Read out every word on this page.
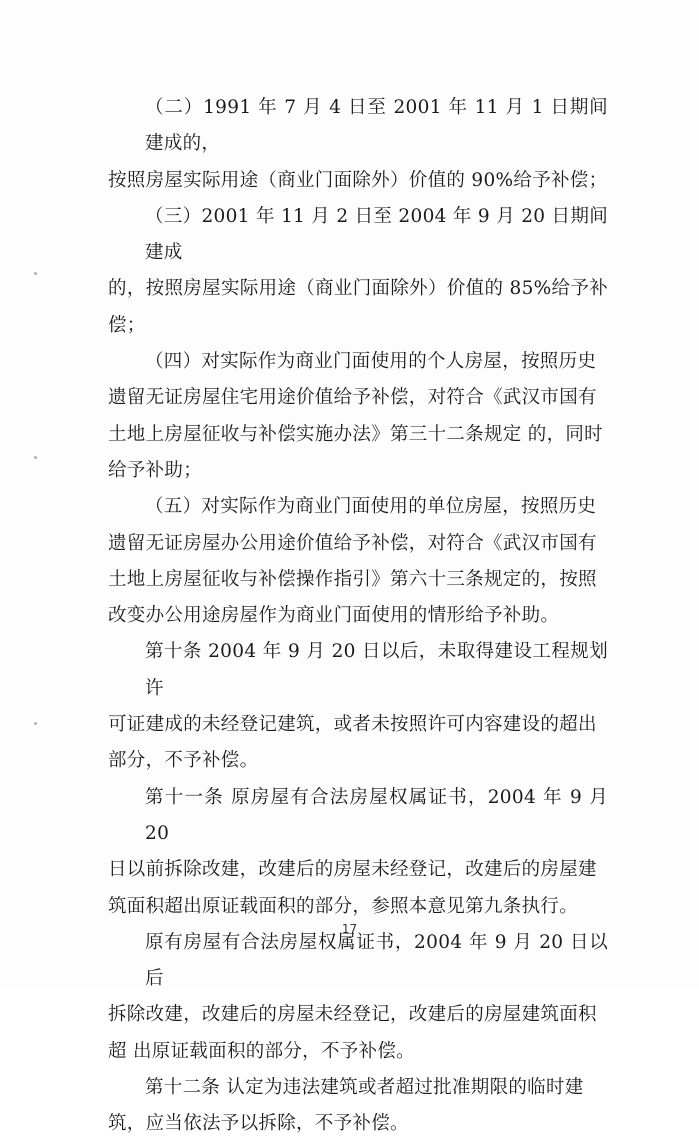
（二）1991 年 7 月 4 日至 2001 年 11 月 1 日期间建成的，
按照房屋实际用途（商业门面除外）价值的 90%给予补偿；

（三）2001 年 11 月 2 日至 2004 年 9 月 20 日期间建成
的，按照房屋实际用途（商业门面除外）价值的 85%给予补偿；

（四）对实际作为商业门面使用的个人房屋，按照历史
遗留无证房屋住宅用途价值给予补偿，对符合《武汉市国有
土地上房屋征收与补偿实施办法》第三十二条规定 的，同时
给予补助；

（五）对实际作为商业门面使用的单位房屋，按照历史
遗留无证房屋办公用途价值给予补偿，对符合《武汉市国有
土地上房屋征收与补偿操作指引》第六十三条规定的，按照
改变办公用途房屋作为商业门面使用的情形给予补助。

第十条 2004 年 9 月 20 日以后，未取得建设工程规划许
可证建成的未经登记建筑，或者未按照许可内容建设的超出
部分，不予补偿。

第十一条 原房屋有合法房屋权属证书，2004 年 9 月 20
日以前拆除改建，改建后的房屋未经登记，改建后的房屋建
筑面积超出原证载面积的部分，参照本意见第九条执行。

原有房屋有合法房屋权属证书，2004 年 9 月 20 日以后
拆除改建，改建后的房屋未经登记，改建后的房屋建筑面积
超 出原证载面积的部分，不予补偿。

第十二条 认定为违法建筑或者超过批准期限的临时建
筑，应当依法予以拆除，不予补偿。

17
